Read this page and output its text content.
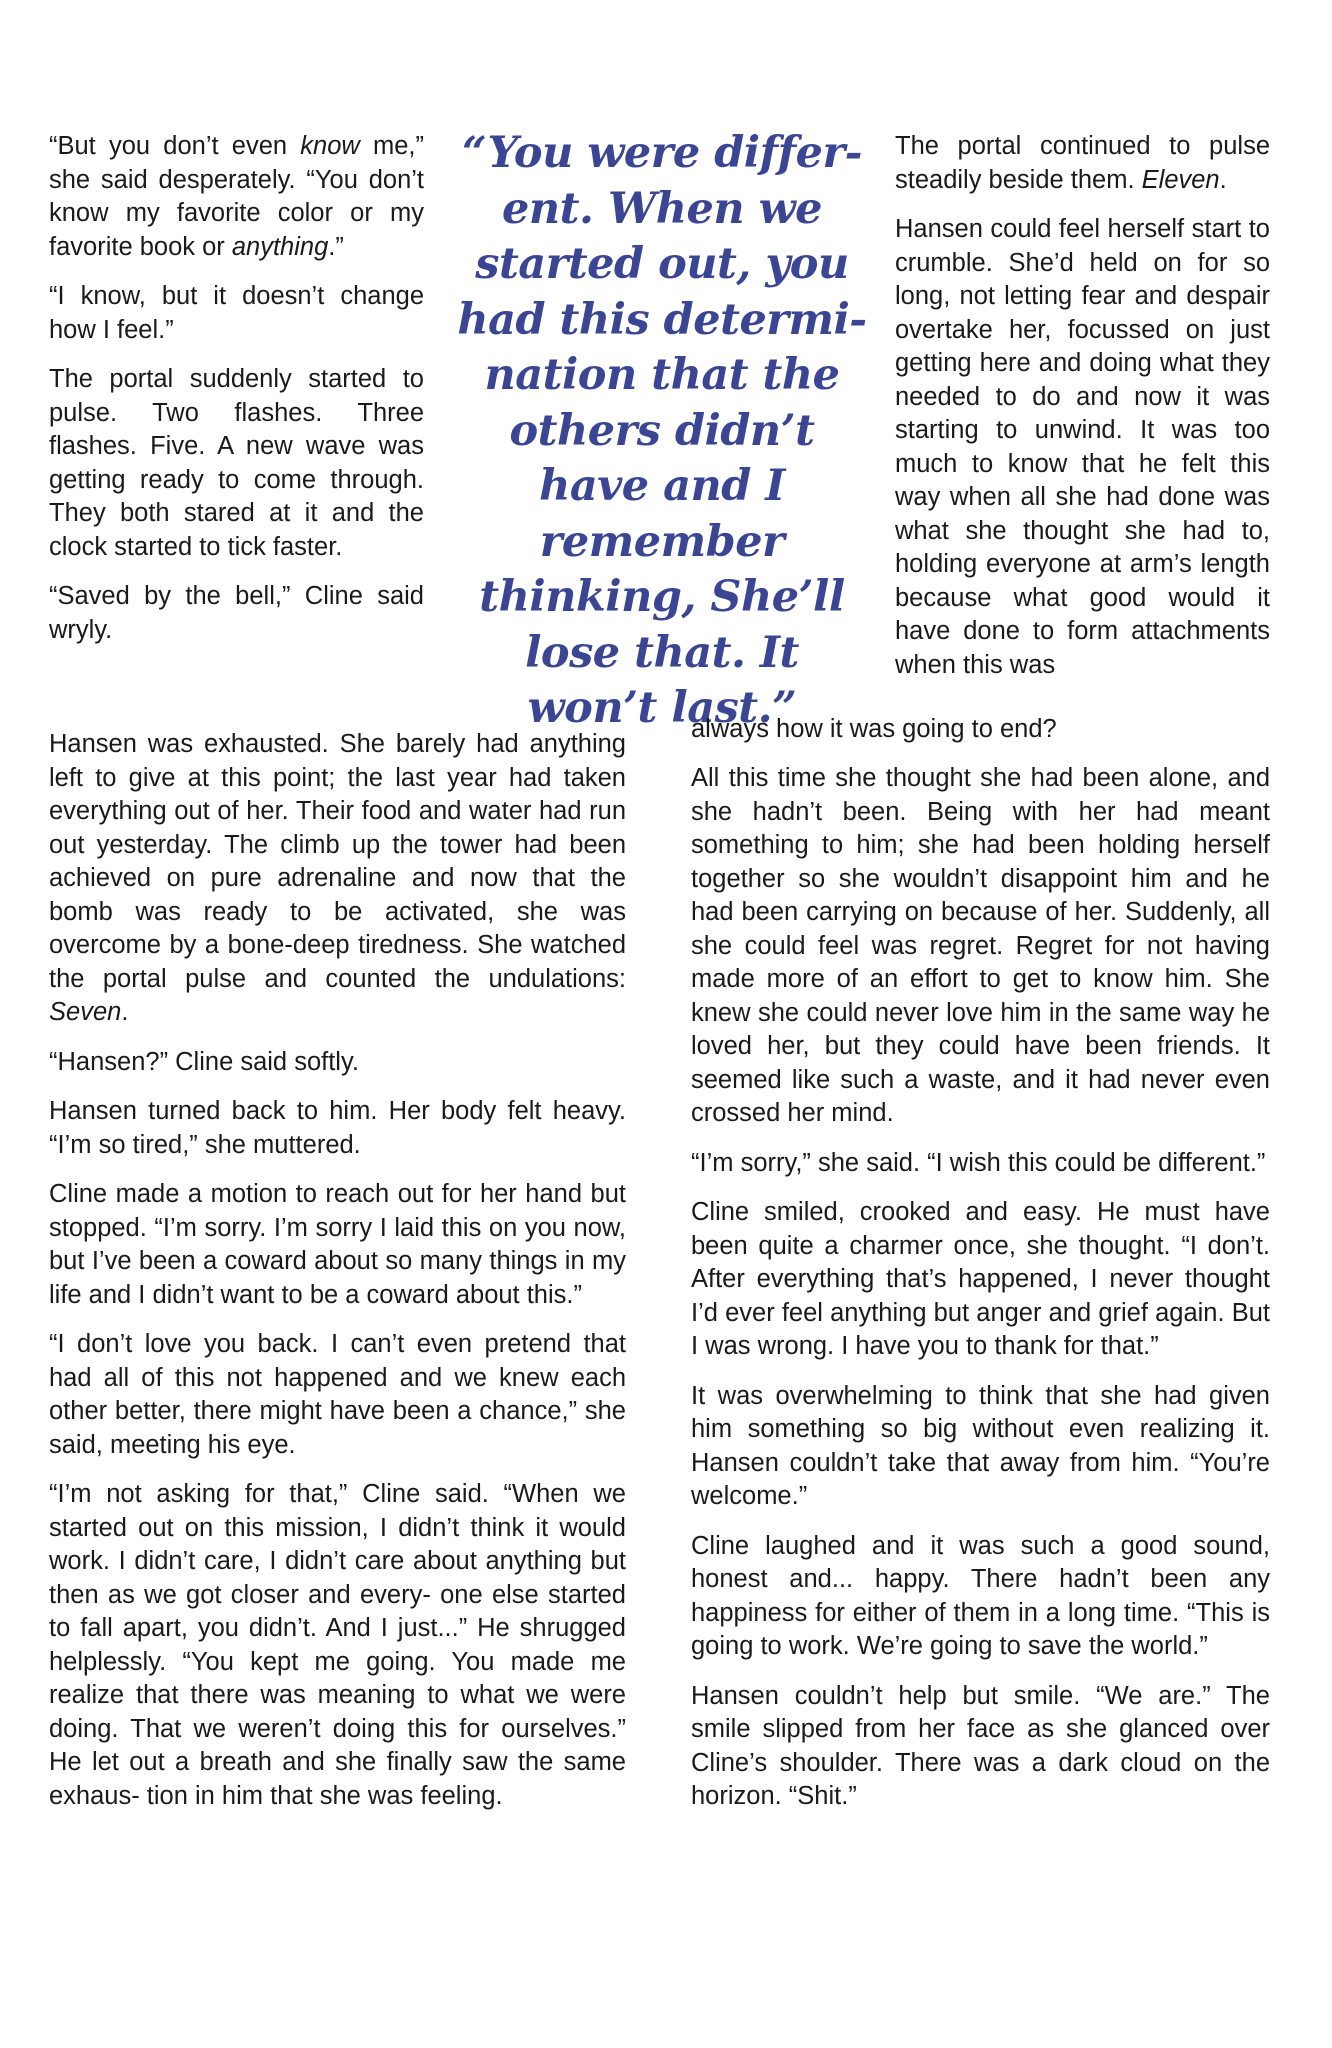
“But you don’t even know me,” she said desperately. “You don’t know my favorite color or my favorite book or anything.”

“I know, but it doesn’t change how I feel.”

The portal suddenly started to pulse. Two flashes. Three flashes. Five. A new wave was getting ready to come through. They both stared at it and the clock started to tick faster.

“Saved by the bell,” Cline said wryly.

“You were differ- ent. When we started out, you had this determi- nation that the others didn’t have and I remember thinking, She’ll lose that. It won’t last.”

The portal continued to pulse steadily beside them. Eleven.

Hansen could feel herself start to crumble. She’d held on for so long, not letting fear and despair overtake her, focussed on just getting here and doing what they needed to do and now it was starting to unwind. It was too much to know that he felt this way when all she had done was what she thought she had to, holding everyone at arm’s length because what good would it have done to form attachments when this was

always how it was going to end?

Hansen was exhausted. She barely had anything left to give at this point; the last year had taken everything out of her. Their food and water had run out yesterday. The climb up the tower had been achieved on pure adrenaline and now that the bomb was ready to be activated, she was overcome by a bone-deep tiredness. She watched the portal pulse and counted the undulations: Seven.

“Hansen?” Cline said softly.

Hansen turned back to him. Her body felt heavy. “I’m so tired,” she muttered.

Cline made a motion to reach out for her hand but stopped. “I’m sorry. I’m sorry I laid this on you now, but I’ve been a coward about so many things in my life and I didn’t want to be a coward about this.”

“I don’t love you back. I can’t even pretend that had all of this not happened and we knew each other better, there might have been a chance,” she said, meeting his eye.

“I’m not asking for that,” Cline said. “When we started out on this mission, I didn’t think it would work. I didn’t care, I didn’t care about anything but then as we got closer and every- one else started to fall apart, you didn’t. And I just...” He shrugged helplessly. “You kept me going. You made me realize that there was meaning to what we were doing. That we weren’t doing this for ourselves.” He let out a breath and she finally saw the same exhaus- tion in him that she was feeling.

All this time she thought she had been alone, and she hadn’t been. Being with her had meant something to him; she had been holding herself together so she wouldn’t disappoint him and he had been carrying on because of her. Suddenly, all she could feel was regret. Regret for not having made more of an effort to get to know him. She knew she could never love him in the same way he loved her, but they could have been friends. It seemed like such a waste, and it had never even crossed her mind.

“I’m sorry,” she said. “I wish this could be different.”

Cline smiled, crooked and easy. He must have been quite a charmer once, she thought. “I don’t. After everything that’s happened, I never thought I’d ever feel anything but anger and grief again. But I was wrong. I have you to thank for that.”

It was overwhelming to think that she had given him something so big without even realizing it. Hansen couldn’t take that away from him. “You’re welcome.”

Cline laughed and it was such a good sound, honest and... happy. There hadn’t been any happiness for either of them in a long time. “This is going to work. We’re going to save the world.”

Hansen couldn’t help but smile. “We are.” The smile slipped from her face as she glanced over Cline’s shoulder. There was a dark cloud on the horizon. “Shit.”
